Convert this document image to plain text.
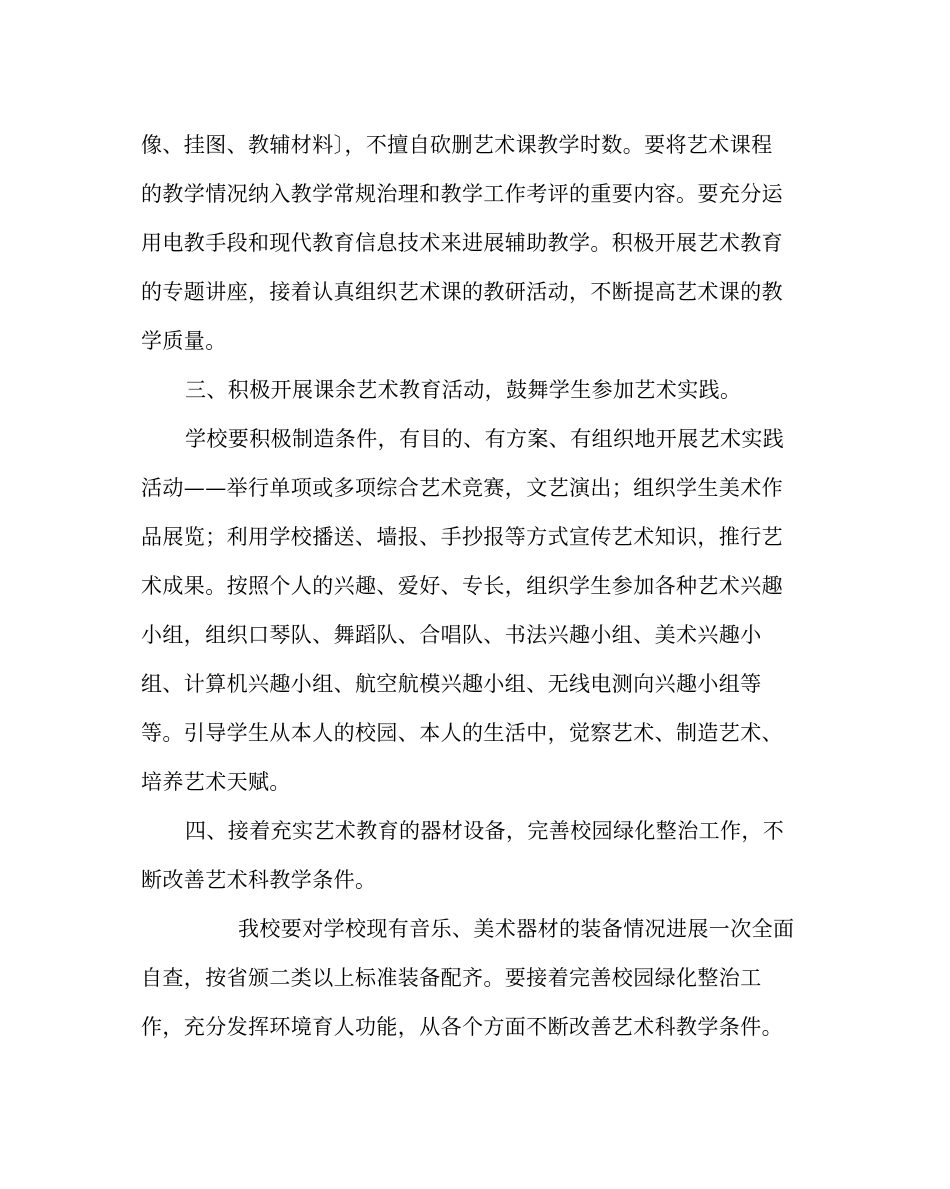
像、挂图、教辅材料〕，不擅自砍删艺术课教学时数。要将艺术课程
的教学情况纳入教学常规治理和教学工作考评的重要内容。要充分运
用电教手段和现代教育信息技术来进展辅助教学。积极开展艺术教育
的专题讲座，接着认真组织艺术课的教研活动，不断提高艺术课的教
学质量。
三、积极开展课余艺术教育活动，鼓舞学生参加艺术实践。
学校要积极制造条件，有目的、有方案、有组织地开展艺术实践
活动——举行单项或多项综合艺术竞赛，文艺演出；组织学生美术作
品展览；利用学校播送、墙报、手抄报等方式宣传艺术知识，推行艺
术成果。按照个人的兴趣、爱好、专长，组织学生参加各种艺术兴趣
小组，组织口琴队、舞蹈队、合唱队、书法兴趣小组、美术兴趣小
组、计算机兴趣小组、航空航模兴趣小组、无线电测向兴趣小组等
等。引导学生从本人的校园、本人的生活中，觉察艺术、制造艺术、
培养艺术天赋。
四、接着充实艺术教育的器材设备，完善校园绿化整治工作，不
断改善艺术科教学条件。
我校要对学校现有音乐、美术器材的装备情况进展一次全面
自查，按省颁二类以上标准装备配齐。要接着完善校园绿化整治工
作，充分发挥环境育人功能，从各个方面不断改善艺术科教学条件。
